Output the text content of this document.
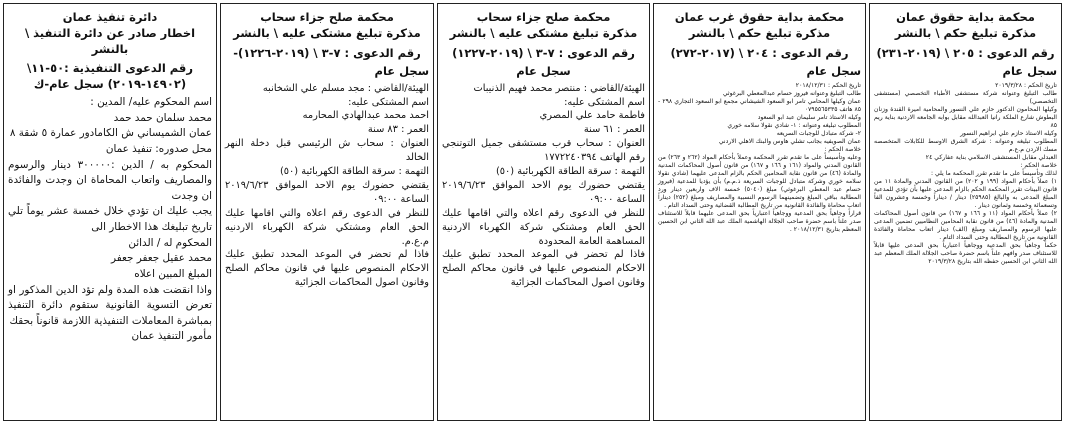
محكمة بداية حقوق عمان
مذكرة تبليغ حكم \ بالنشر
رقم الدعوى : ٢٠٥ \ (٢٠١٩-٢٣١)
سجل عام

تاريخ الحكم : ٢٠١٩/٣/٢٨

طالب التبليغ وعنوانه شركة مستشفى الأطباء التخصصي (مستشفى التخصصي)

وكيلها المحامون الدكتور حازم علي النسور والمحامية اميرة القندة وزنان البطوش شارع الملكة رانيا العبدالله مقابل بوابه الجامعه الاردنية بناية ريم ٨٥

وكيله الاستاذ حازم علي ابراهيم النسور

المطلوب تبليغه وعنوانه : شركة الشرق الاوسط للكابلات المتخصصه مسك الاردن م.ع.م

العبدلي مقابل المستشفى الاسلامي بناية عفاركي ٢٤

خلاصة الحكم :

لذلك وتأسيساً على ما تقدم تقرر المحكمة ما يلي :

١) عملاً بأحكام المواد (١٩٩ و ٢٠٢) من القانون المدني والمادة ١١ من قانون البينات تقرر المحكمة الحكم بالزام المدعى عليها بأن تؤدي للمدعية المبلغ المدعى به والبالغ (٢٥٩٨٥) دينار / ديناراً وخمسة وعشرون الفاً وتسعمائة وخمسة وثمانون دينار .

٢) عملاً بأحكام المواد (١١ و ١٦٦ و ١٦٧) من قانون أصول المحاكمات المدنية والمادة (٤٦) من قانون نقابة المحامين النظاميين تضمين المدعى عليها الرسوم والمصاريف ومبلغ (الف) دينار اتعاب محاماة والفائدة القانونية من تاريخ المطالبة وحتى السداد التام .

حكماً وجاهياً بحق المدعية ووجاهياً اعتبارياً بحق المدعى عليها قابلاً للاستئناف صدر وافهم علناً باسم حضرة صاحب الجلالة الملك المعظم عبد الله الثاني ابن الحسين حفظه الله بتاريخ ٢٠١٩/٣/٢٨

محكمة بداية حقوق غرب عمان
مذكرة تبليغ حكم \ بالنشر
رقم الدعوى : ٢٠٤ \ (٢٠١٧-٢٧٢)
سجل عام

تاريخ الحكم : ٢٠١٨/١٢/٣١

طالب التبليغ وعنوانه فيروز حسام عبدالمعطي البرغوثي

عمان وكيلها المحامي تامر ابو السعود الشيشاني مجمع ابو السعود التجاري ٢٩٨ - ٨٥ هاتف ٠٧٩٥٥٦٥٣٣٥

وكيله الاستاذ تامر سليمان عبد ابو السعود

المطلوب تبليغه وعنوانه : ١- شادي نقولا سلامه خوري

٢- شركة متبادل للوجبات السريعه

عمان الصويفيه بجانب تشلي هاوس والبنك الاهلي الاردني

خلاصة الحكم :

وعليه وتأسيساً على ما تقدم تقرر المحكمة وعملاً بأحكام المواد (٢٦٢ و ٢٦٣) من القانون المدني والمواد (١٦١ و ١٦٦ و ١٦٧) من قانون أصول المحاكمات المدنية والمادة (٤٦) من قانون نقابة المحامين الحكم بالزام المدعى عليهما (شادي نقولا سلامه خوري وشركة متبادل للوجبات السريعة ذ.م.م) بأن يؤديا للمدعية (فيروز حسام عبد المعطي البرغوثي) مبلغ (٥٠٤٠) خمسة الاف واربعين دينار ورد المطالبة بباقي المبلغ وتضمينهما الرسوم النسبية والمصاريف ومبلغ (٢٥٢) ديناراً اتعاب محاماة والفائدة القانونية من تاريخ المطالبة القضائية وحتى السداد التام .

قراراً وجاهياً بحق المدعية ووجاهياً اعتبارياً بحق المدعى عليهما قابلاً للاستئناف صدر علناً باسم حضرة صاحب الجلالة الهاشمية الملك عبد الله الثاني ابن الحسين المعظم بتاريخ ٢٠١٨/١٢/٣١ .

محكمة صلح جزاء سحاب
مذكرة تبليغ مشتكى عليه \ بالنشر
رقم الدعوى : ٧-٣ \ (٢٠١٩-١٢٢٧)
سجل عام

الهيئة/القاضي : منتصر محمد فهيم الذنيبات

اسم المشتكى عليه:

فاطمة حامد علي المصري

العمر : ٦١ سنة

العنوان : سحاب قرب مستشفى جميل التوتنجي رقم الهاتف ١٧٧٢٢٤٠٣٩٤

التهمة : سرقة الطاقة الكهربائية (٥٠)

يقتضي حضورك يوم الاحد الموافق ٢٠١٩/٦/٢٣ الساعة ٠٩:٠٠

للنظر في الدعوى رقم اعلاه والتي اقامها عليك الحق العام ومشتكي شركة الكهرباء الاردنية المساهمة العامة المحدودة

فاذا لم تحضر في الموعد المحدد تطبق عليك الاحكام المنصوص عليها في قانون محاكم الصلح وقانون اصول المحاكمات الجزائية

محكمة صلح جزاء سحاب
مذكرة تبليغ مشتكى عليه \ بالنشر
رقم الدعوى : ٧-٣ \ (٢٠١٩-١٢٢٦)-
سجل عام

الهيئة/القاضي : مجد مسلم علي الشخانبه

اسم المشتكى عليه:

احمد محمد عبدالهادي المحارمه

العمر : ٨٣ سنة

العنوان : سحاب ش الرئيسي قبل دخلة النهر الخالد

التهمة : سرقة الطاقة الكهربائية (٥٠)

يقتضي حضورك يوم الاحد الموافق ٢٠١٩/٦/٢٣ الساعة ٠٩:٠٠

للنظر في الدعوى رقم اعلاه والتي اقامها عليك الحق العام ومشتكي شركة الكهرباء الاردنيه م.ع.م.

فاذا لم تحضر في الموعد المحدد تطبق عليك الاحكام المنصوص عليها في قانون محاكم الصلح وقانون اصول المحاكمات الجزائية

دائرة تنفيذ عمان
اخطار صادر عن دائرة التنفيذ \ بالنشر
رقم الدعوى التنفيذية :٥٠-١١\ (١٤٩٠٢-٢٠١٩) سجل عام-ك

اسم المحكوم عليه/ المدين :

محمد سلمان حمد حمد

عمان الشميساني ش الكامادور عمارة ٥ شقة ٨

محل صدوره: تنفيذ عمان

المحكوم به / الدين :٣٠٠٠٠٠ دينار والرسوم والمصاريف واتعاب المحاماة ان وجدت والفائدة ان وجدت

يجب عليك ان تؤدي خلال خمسة عشر يوماً تلي تاريخ تبليغك هذا الاخطار الى

المحكوم له / الدائن

محمد عقيل جعفر جعفر

المبلغ المبين اعلاه

واذا انقضت هذه المدة ولم تؤد الدين المذكور او تعرض التسوية القانونية ستقوم دائرة التنفيذ بمباشرة المعاملات التنفيذية اللازمة قانوناً بحقك

مأمور التنفيذ عمان
